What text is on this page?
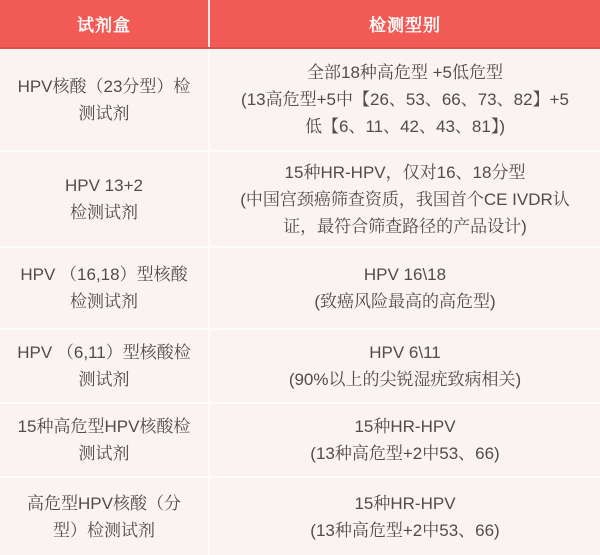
试剂盒	检测型别
HPV核酸（23分型）检
测试剂
全部18种高危型 +5低危型
(13高危型+5中【26、53、66、73、82】+5
低【6、11、42、43、81】)
HPV 13+2
检测试剂
15种HR-HPV，仅对16、18分型
(中国宫颈癌筛查资质，我国首个CE IVDR认
证，最符合筛查路径的产品设计)
HPV （16,18）型核酸
检测试剂
HPV 16\18
(致癌风险最高的高危型)
HPV （6,11）型核酸检
测试剂
HPV 6\11
(90%以上的尖锐湿疣致病相关)
15种高危型HPV核酸检
测试剂
15种HR-HPV
(13种高危型+2中53、66)
高危型HPV核酸（分
型）检测试剂
15种HR-HPV
(13种高危型+2中53、66)
